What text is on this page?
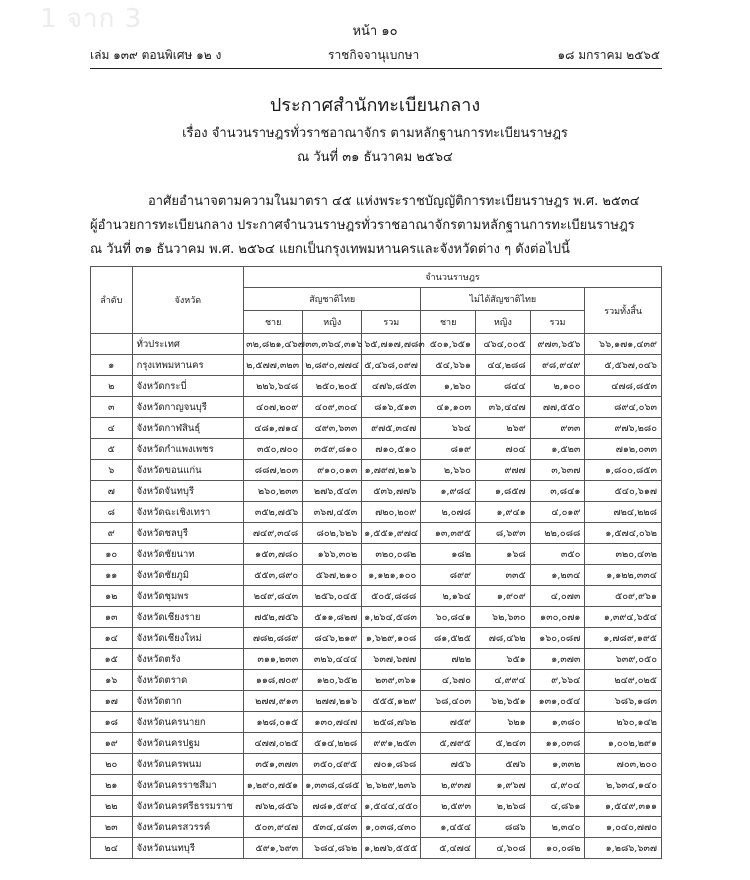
1 จาก 3	หน้า ๑๐
เล่ม ๑๓๙ ตอนพิเศษ ๑๒ ง	ราชกิจจานุเบกษา	๑๘ มกราคม ๒๕๖๕
ประกาศสำนักทะเบียนกลาง
เรื่อง จำนวนราษฎรทั่วราชอาณาจักร ตามหลักฐานการทะเบียนราษฎร
ณ วันที่ ๓๑ ธันวาคม ๒๕๖๔
อาศัยอำนาจตามความในมาตรา ๔๕ แห่งพระราชบัญญัติการทะเบียนราษฎร พ.ศ. ๒๕๓๔
ผู้อำนวยการทะเบียนกลาง ประกาศจำนวนราษฎรทั่วราชอาณาจักรตามหลักฐานการทะเบียนราษฎร
ณ วันที่ ๓๑ ธันวาคม พ.ศ. ๒๕๖๔ แยกเป็นกรุงเทพมหานครและจังหวัดต่าง ๆ ดังต่อไปนี้
ลำดับ	จังหวัด	จำนวนราษฎร						
		สัญชาติไทย			ไม่ได้สัญชาติไทย			รวมทั้งสิ้น
		ชาย	หญิง	รวม	ชาย	หญิง	รวม	
	ทั่วประเทศ	๓๒,๘๒๑,๔๖๗	๓๓,๓๖๔,๓๑๖	๖๕,๗๑๗,๗๘๓	๕๐๑,๖๕๑	๔๖๔,๐๐๕	๙๗๓,๖๕๖	๖๖,๑๗๑,๔๓๙
๑	กรุงเทพมหานคร	๒,๕๗๗,๓๒๓	๒,๘๙๐,๗๗๔	๕,๔๖๘,๐๙๗	๕๔,๖๖๑	๔๔,๒๘๘	๙๘,๙๔๙	๕,๕๖๗,๐๔๖
๒	จังหวัดกระบี่	๒๒๖,๖๔๘	๒๕๐,๒๐๕	๔๗๖,๘๕๓	๑,๒๖๐	๘๔๔	๒,๑๐๐	๔๗๘,๘๕๓
๓	จังหวัดกาญจนบุรี	๔๐๗,๒๐๙	๔๐๙,๓๐๔	๘๑๖,๕๑๓	๔๑,๑๐๓	๓๖,๔๔๗	๗๗,๕๕๐	๘๙๔,๐๖๓
๔	จังหวัดกาฬสินธุ์	๔๘๑,๗๑๔	๔๙๓,๖๓๓	๙๗๕,๓๔๗	๖๖๔	๒๖๙	๙๓๓	๙๗๖,๒๘๐
๕	จังหวัดกำแพงเพชร	๓๕๐,๗๐๐	๓๕๙,๘๑๐	๗๑๐,๕๑๐	๘๑๙	๗๐๔	๑,๕๒๓	๗๑๒,๐๓๓
๖	จังหวัดขอนแก่น	๘๘๗,๒๐๓	๙๑๐,๐๑๓	๑,๗๙๗,๒๑๖	๒,๖๖๐	๙๗๗	๓,๖๓๗	๑,๘๐๐,๘๕๓
๗	จังหวัดจันทบุรี	๒๖๐,๒๓๓	๒๗๖,๕๔๓	๕๓๖,๗๗๖	๑,๙๘๔	๑,๘๕๗	๓,๘๔๑	๕๔๐,๖๑๗
๘	จังหวัดฉะเชิงเทรา	๓๕๒,๗๕๖	๓๖๗,๔๕๓	๗๒๐,๒๐๙	๒,๐๗๘	๑,๙๔๑	๔,๐๑๙	๗๒๔,๒๒๘
๙	จังหวัดชลบุรี	๗๔๙,๓๔๘	๘๐๒,๖๒๖	๑,๕๕๑,๙๗๔	๑๓,๓๙๕	๘,๖๙๓	๒๒,๐๘๘	๑,๕๗๔,๐๖๒
๑๐	จังหวัดชัยนาท	๑๕๓,๗๘๐	๑๖๖,๓๐๒	๓๒๐,๐๘๒	๑๘๒	๑๖๘	๓๕๐	๓๒๐,๔๓๒
๑๑	จังหวัดชัยภูมิ	๕๕๓,๘๙๐	๕๖๗,๒๑๐	๑,๑๒๑,๑๐๐	๘๙๙	๓๓๕	๑,๒๓๔	๑,๑๒๒,๓๓๔
๑๒	จังหวัดชุมพร	๒๔๙,๘๔๓	๒๕๖,๐๔๕	๕๐๕,๘๘๘	๒,๑๖๔	๑,๙๐๙	๔,๐๗๓	๕๐๙,๙๖๑
๑๓	จังหวัดเชียงราย	๗๕๒,๗๕๖	๕๑๑,๘๒๗	๑,๒๖๔,๕๘๓	๖๐,๘๔๑	๖๒,๖๓๐	๑๓๐,๐๗๑	๑,๓๙๔,๖๕๔
๑๔	จังหวัดเชียงใหม่	๗๘๒,๘๘๙	๘๔๖,๒๑๙	๑,๖๒๙,๑๐๘	๘๑,๕๒๕	๗๘,๔๖๒	๑๖๐,๐๘๗	๑,๗๘๙,๑๙๕
๑๕	จังหวัดตรัง	๓๑๑,๒๓๓	๓๒๖,๔๔๔	๖๓๗,๖๗๗	๗๒๒	๖๕๑	๑,๓๗๓	๖๓๙,๐๕๐
๑๖	จังหวัดตราด	๑๑๘,๗๐๙	๑๒๐,๖๕๒	๒๓๙,๓๖๑	๔,๖๗๐	๔,๙๙๔	๙,๖๖๔	๒๔๙,๐๒๕
๑๗	จังหวัดตาก	๒๗๗,๙๑๓	๒๗๗,๒๑๖	๕๕๕,๑๒๙	๖๘,๔๐๓	๖๒,๖๕๑	๑๓๑,๐๕๔	๖๘๖,๑๘๓
๑๘	จังหวัดนครนายก	๑๒๘,๐๑๕	๑๓๐,๗๔๗	๒๕๘,๗๖๒	๗๕๙	๖๒๑	๑,๓๘๐	๒๖๐,๑๔๒
๑๙	จังหวัดนครปฐม	๔๗๗,๐๒๕	๕๑๔,๒๒๘	๙๙๑,๒๕๓	๕,๗๙๕	๕,๒๔๓	๑๑,๐๓๘	๑,๐๐๒,๒๙๑
๒๐	จังหวัดนครพนม	๓๕๑,๓๗๓	๓๕๐,๔๙๕	๗๐๑,๘๖๘	๗๕๖	๕๗๖	๑,๓๓๒	๗๐๓,๒๐๐
๒๑	จังหวัดนครราชสีมา	๑,๒๙๐,๗๕๑	๑,๓๓๘,๔๘๕	๒,๖๒๙,๒๓๖	๒,๙๓๗	๑,๙๖๗	๔,๙๐๔	๒,๖๓๔,๑๔๐
๒๒	จังหวัดนครศรีธรรมราช	๗๖๒,๘๕๖	๗๘๑,๕๙๔	๑,๕๔๔,๔๕๐	๒,๕๙๓	๒,๒๖๘	๔,๘๖๑	๑,๕๔๙,๓๑๑
๒๓	จังหวัดนครสวรรค์	๕๐๓,๙๔๗	๕๓๔,๔๘๓	๑,๐๓๘,๔๓๐	๑,๔๕๔	๘๘๖	๒,๓๔๐	๑,๐๔๐,๗๗๐
๒๔	จังหวัดนนทบุรี	๕๙๑,๖๙๓	๖๘๔,๘๖๒	๑,๒๗๖,๕๕๕	๕,๔๗๔	๔,๖๐๘	๑๐,๐๘๒	๑,๒๘๖,๖๓๗
